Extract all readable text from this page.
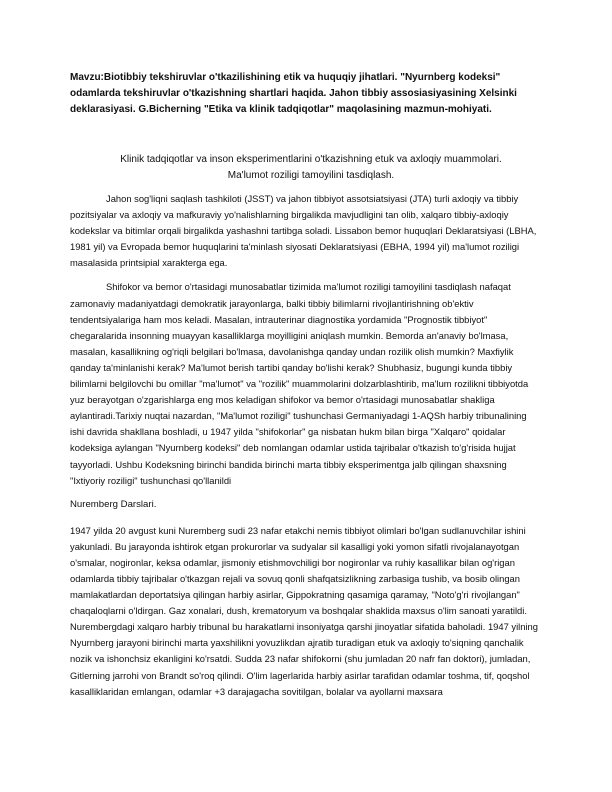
Mavzu:Biotibbiy tekshiruvlar o'tkazilishining etik va huquqiy jihatlari. "Nyurnberg kodeksi" odamlarda tekshiruvlar o'tkazishning shartlari haqida. Jahon tibbiy assosiasiyasining Xelsinki deklarasiyasi. G.Bicherning "Etika va klinik tadqiqotlar" maqolasining mazmun-mohiyati.

Klinik tadqiqotlar va inson eksperimentlarini o'tkazishning etuk va axloqiy muammolari.
Ma'lumot roziligi tamoyilini tasdiqlash.

Jahon sog'liqni saqlash tashkiloti (JSST) va jahon tibbiyot assotsiatsiyasi (JTA) turli axloqiy va tibbiy pozitsiyalar va axloqiy va mafkuraviy yo'nalishlarning birgalikda mavjudligini tan olib, xalqaro tibbiy-axloqiy kodekslar va bitimlar orqali birgalikda yashashni tartibga soladi. Lissabon bemor huquqlari Deklaratsiyasi (LBHA, 1981 yil) va Evropada bemor huquqlarini ta'minlash siyosati Deklaratsiyasi (EBHA, 1994 yil) ma'lumot roziligi masalasida printsipial xarakterga ega.

Shifokor va bemor o'rtasidagi munosabatlar tizimida ma'lumot roziligi tamoyilini tasdiqlash nafaqat zamonaviy madaniyatdagi demokratik jarayonlarga, balki tibbiy bilimlarni rivojlantirishning ob'ektiv tendentsiyalariga ham mos keladi. Masalan, intrauterinar diagnostika yordamida "Prognostik tibbiyot" chegaralarida insonning muayyan kasalliklarga moyilligini aniqlash mumkin. Bemorda an'anaviy bo'lmasa, masalan, kasallikning og'riqli belgilari bo'lmasa, davolanishga qanday undan rozilik olish mumkin? Maxfiylik qanday ta'minlanishi kerak? Ma'lumot berish tartibi qanday bo'lishi kerak? Shubhasiz, bugungi kunda tibbiy bilimlarni belgilovchi bu omillar "ma'lumot" va "rozilik" muammolarini dolzarblashtirib, ma'lum rozilikni tibbiyotda yuz berayotgan o'zgarishlarga eng mos keladigan shifokor va bemor o'rtasidagi munosabatlar shakliga aylantiradi.Tarixiy nuqtai nazardan, "Ma'lumot roziligi" tushunchasi Germaniyadagi 1-AQSh harbiy tribunalining ishi davrida shakllana boshladi, u 1947 yilda "shifokorlar" ga nisbatan hukm bilan birga "Xalqaro" qoidalar kodeksiga aylangan "Nyurnberg kodeksi" deb nomlangan odamlar ustida tajribalar o'tkazish to'g'risida hujjat tayyorladi. Ushbu Kodeksning birinchi bandida birinchi marta tibbiy eksperimentga jalb qilingan shaxsning "Ixtiyoriy roziligi" tushunchasi qo'llanildi

Nuremberg Darslari.

1947 yilda 20 avgust kuni Nuremberg sudi 23 nafar etakchi nemis tibbiyot olimlari bo'lgan sudlanuvchilar ishini yakunladi. Bu jarayonda ishtirok etgan prokurorlar va sudyalar sil kasalligi yoki yomon sifatli rivojalanayotgan o'smalar, nogironlar, keksa odamlar, jismoniy etishmovchiligi bor nogironlar va ruhiy kasallikar bilan og'rigan odamlarda tibbiy tajribalar o'tkazgan rejali va sovuq qonli shafqatsizlikning zarbasiga tushib, va bosib olingan mamlakatlardan deportatsiya qilingan harbiy asirlar, Gippokratning qasamiga qaramay, "Noto'g'ri rivojlangan" chaqaloqlarni o'ldirgan. Gaz xonalari, dush, krematoryum va boshqalar shaklida maxsus o'lim sanoati yaratildi. Nurembergdagi xalqaro harbiy tribunal bu harakatlarni insoniyatga qarshi jinoyatlar sifatida baholadi. 1947 yilning Nyurnberg jarayoni birinchi marta yaxshilikni yovuzlikdan ajratib turadigan etuk va axloqiy to'siqning qanchalik nozik va ishonchsiz ekanligini ko'rsatdi. Sudda 23 nafar shifokorni (shu jumladan 20 nafr fan doktori), jumladan, Gitlerning jarrohi von Brandt so'roq qilindi. O'lim lagerlarida harbiy asirlar tarafidan odamlar toshma, tif, qoqshol kasalliklaridan emlangan, odamlar +3 darajagacha sovitilgan, bolalar va ayollarni maxsara
